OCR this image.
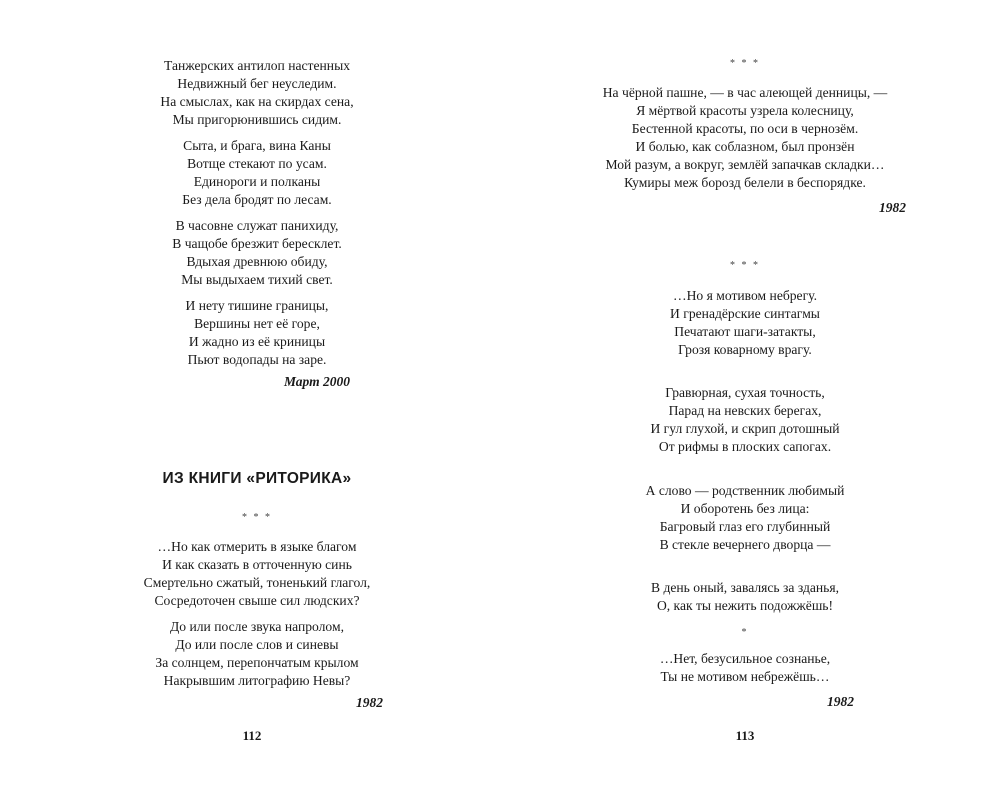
Танжерских антилоп настенных
Недвижный бег неуследим.
На смыслах, как на скирдах сена,
Мы пригорюнившись сидим.
Сыта, и брага, вина Каны
Вотще стекают по усам.
Единороги и полканы
Без дела бродят по лесам.
В часовне служат панихиду,
В чащобе брезжит бересклет.
Вдыхая древнюю обиду,
Мы выдыхаем тихий свет.
И нету тишине границы,
Вершины нет её горе,
И жадно из её криницы
Пьют водопады на заре.
Март 2000
ИЗ КНИГИ «РИТОРИКА»
* * *
…Но как отмерить в языке благом
И как сказать в отточенную синь
Смертельно сжатый, тоненький глагол,
Сосредоточен свыше сил людских?
До или после звука напролом,
До или после слов и синевы
За солнцем, перепончатым крылом
Накрывшим литографию Невы?
1982
112
* * *
На чёрной пашне, — в час алеющей денницы, —
Я мёртвой красоты узрела колесницу,
Бестенной красоты, по оси в чернозём.
И болью, как соблазном, был пронзён
Мой разум, а вокруг, землёй запачкав складки…
Кумиры меж борозд белели в беспорядке.
1982
* * *
…Но я мотивом небрегу.
И гренадёрские синтагмы
Печатают шаги-затакты,
Грозя коварному врагу.
Гравюрная, сухая точность,
Парад на невских берегах,
И гул глухой, и скрип дотошный
От рифмы в плоских сапогах.
А слово — родственник любимый
И оборотень без лица:
Багровый глаз его глубинный
В стекле вечернего дворца —
В день оный, завалясь за зданья,
О, как ты нежить подожжёшь!
*
…Нет, безусильное сознанье,
Ты не мотивом небрежёшь…
1982
113
